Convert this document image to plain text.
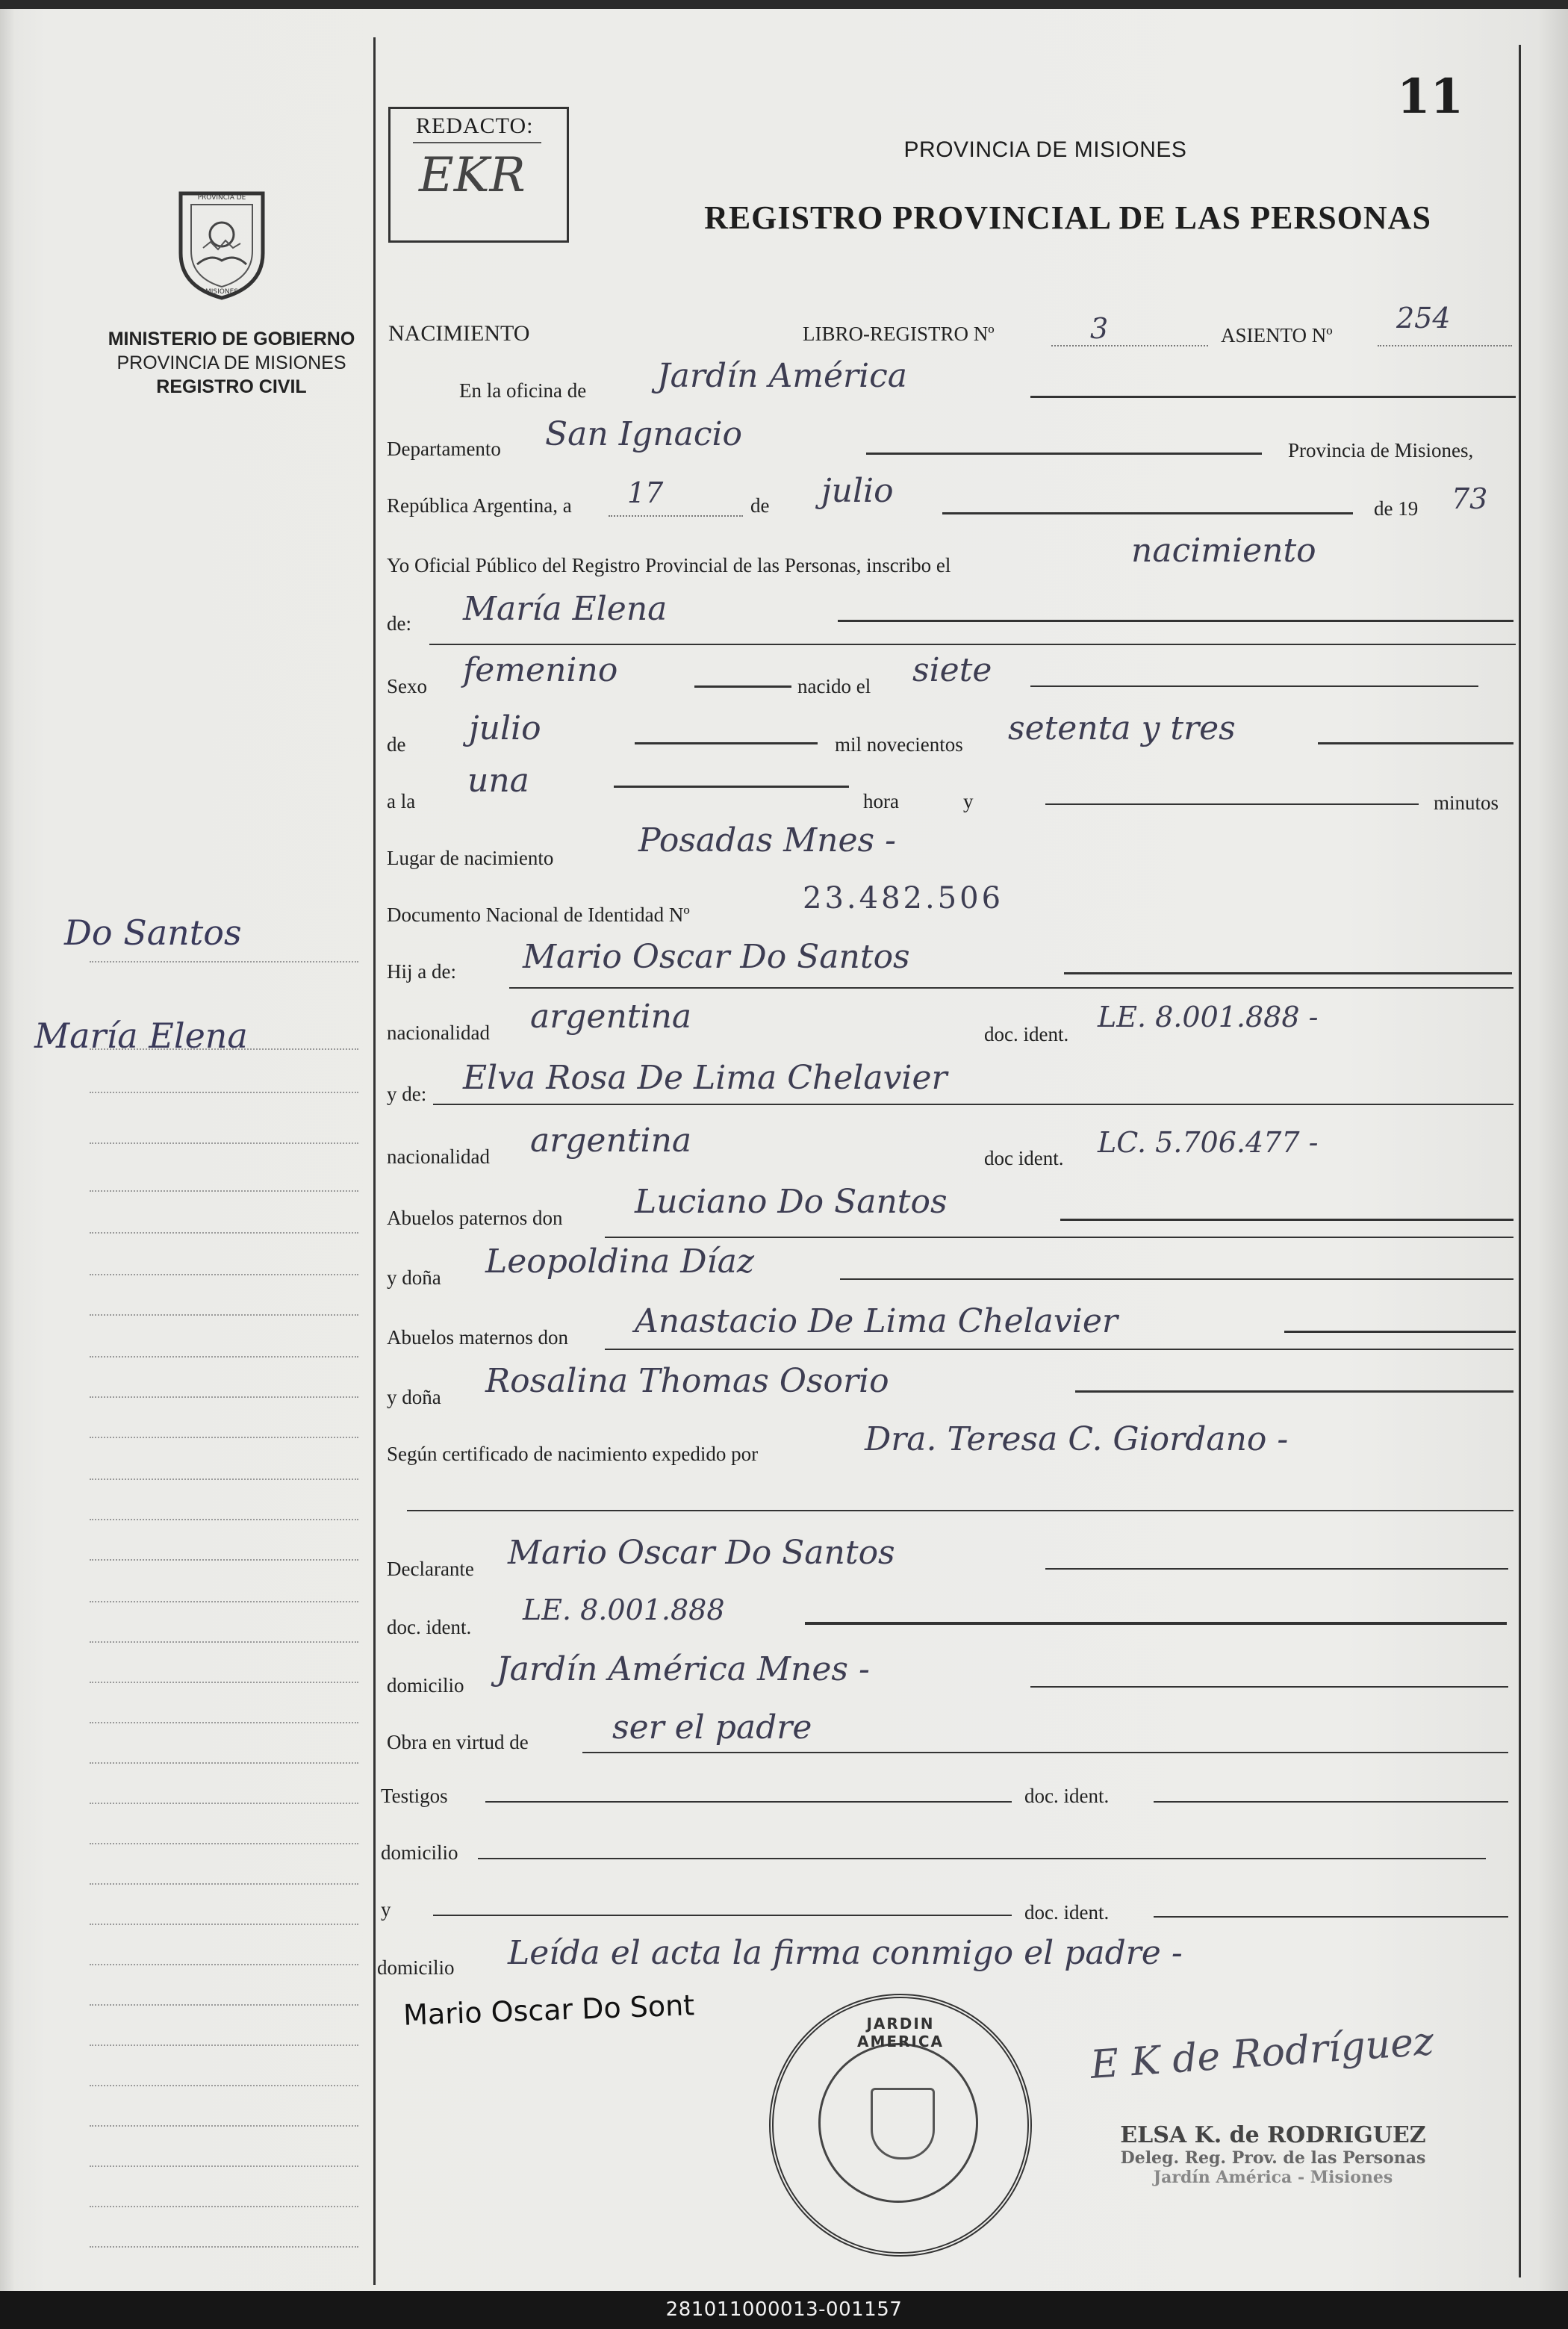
PROVINCIA DE
MISIONES
MINISTERIO DE GOBIERNO
PROVINCIA DE MISIONES
REGISTRO CIVIL
Do Santos
María Elena
REDACTO:
EKR
11
PROVINCIA DE MISIONES
REGISTRO PROVINCIAL DE LAS PERSONAS
NACIMIENTO	LIBRO-REGISTRO Nº	3	ASIENTO Nº
254
En la oficina de Jardín América
Departamento San Ignacio	Provincia de Misiones,
República Argentina, a 17	de julio	de 19 73
Yo Oficial Público del Registro Provincial de las Personas, inscribo el	nacimiento
de: María Elena
Sexo femenino	nacido el siete
de julio	mil novecientos setenta y tres
a la
una
hora	y	minutos
Lugar de nacimiento	Posadas Mnes -
Documento Nacional de Identidad Nº	23.482.506
Hij a de: Mario Oscar Do Santos
nacionalidad argentina	doc. ident.
LE. 8.001.888 -
y de: Elva Rosa De Lima Chelavier
nacionalidad argentina	doc ident. LC. 5.706.477 -
Abuelos paternos don Luciano Do Santos
y doña Leopoldina Díaz
Abuelos maternos don Anastacio De Lima Chelavier
y doña Rosalina Thomas Osorio
Según certificado de nacimiento expedido por	Dra. Teresa C. Giordano -
Declarante Mario Oscar Do Santos
doc. ident.
LE. 8.001.888
domicilio Jardín América Mnes -
Obra en virtud de	ser el padre
Testigos	doc. ident.
domicilio
y	doc. ident.
domicilio Leída el acta la firma conmigo el padre -
Mario Oscar Do Sont	JARDIN AMERICA	E K de Rodríguez
ELSA K. de RODRIGUEZ
Deleg. Reg. Prov. de las Personas
Jardín América - Misiones
281011000013-001157
